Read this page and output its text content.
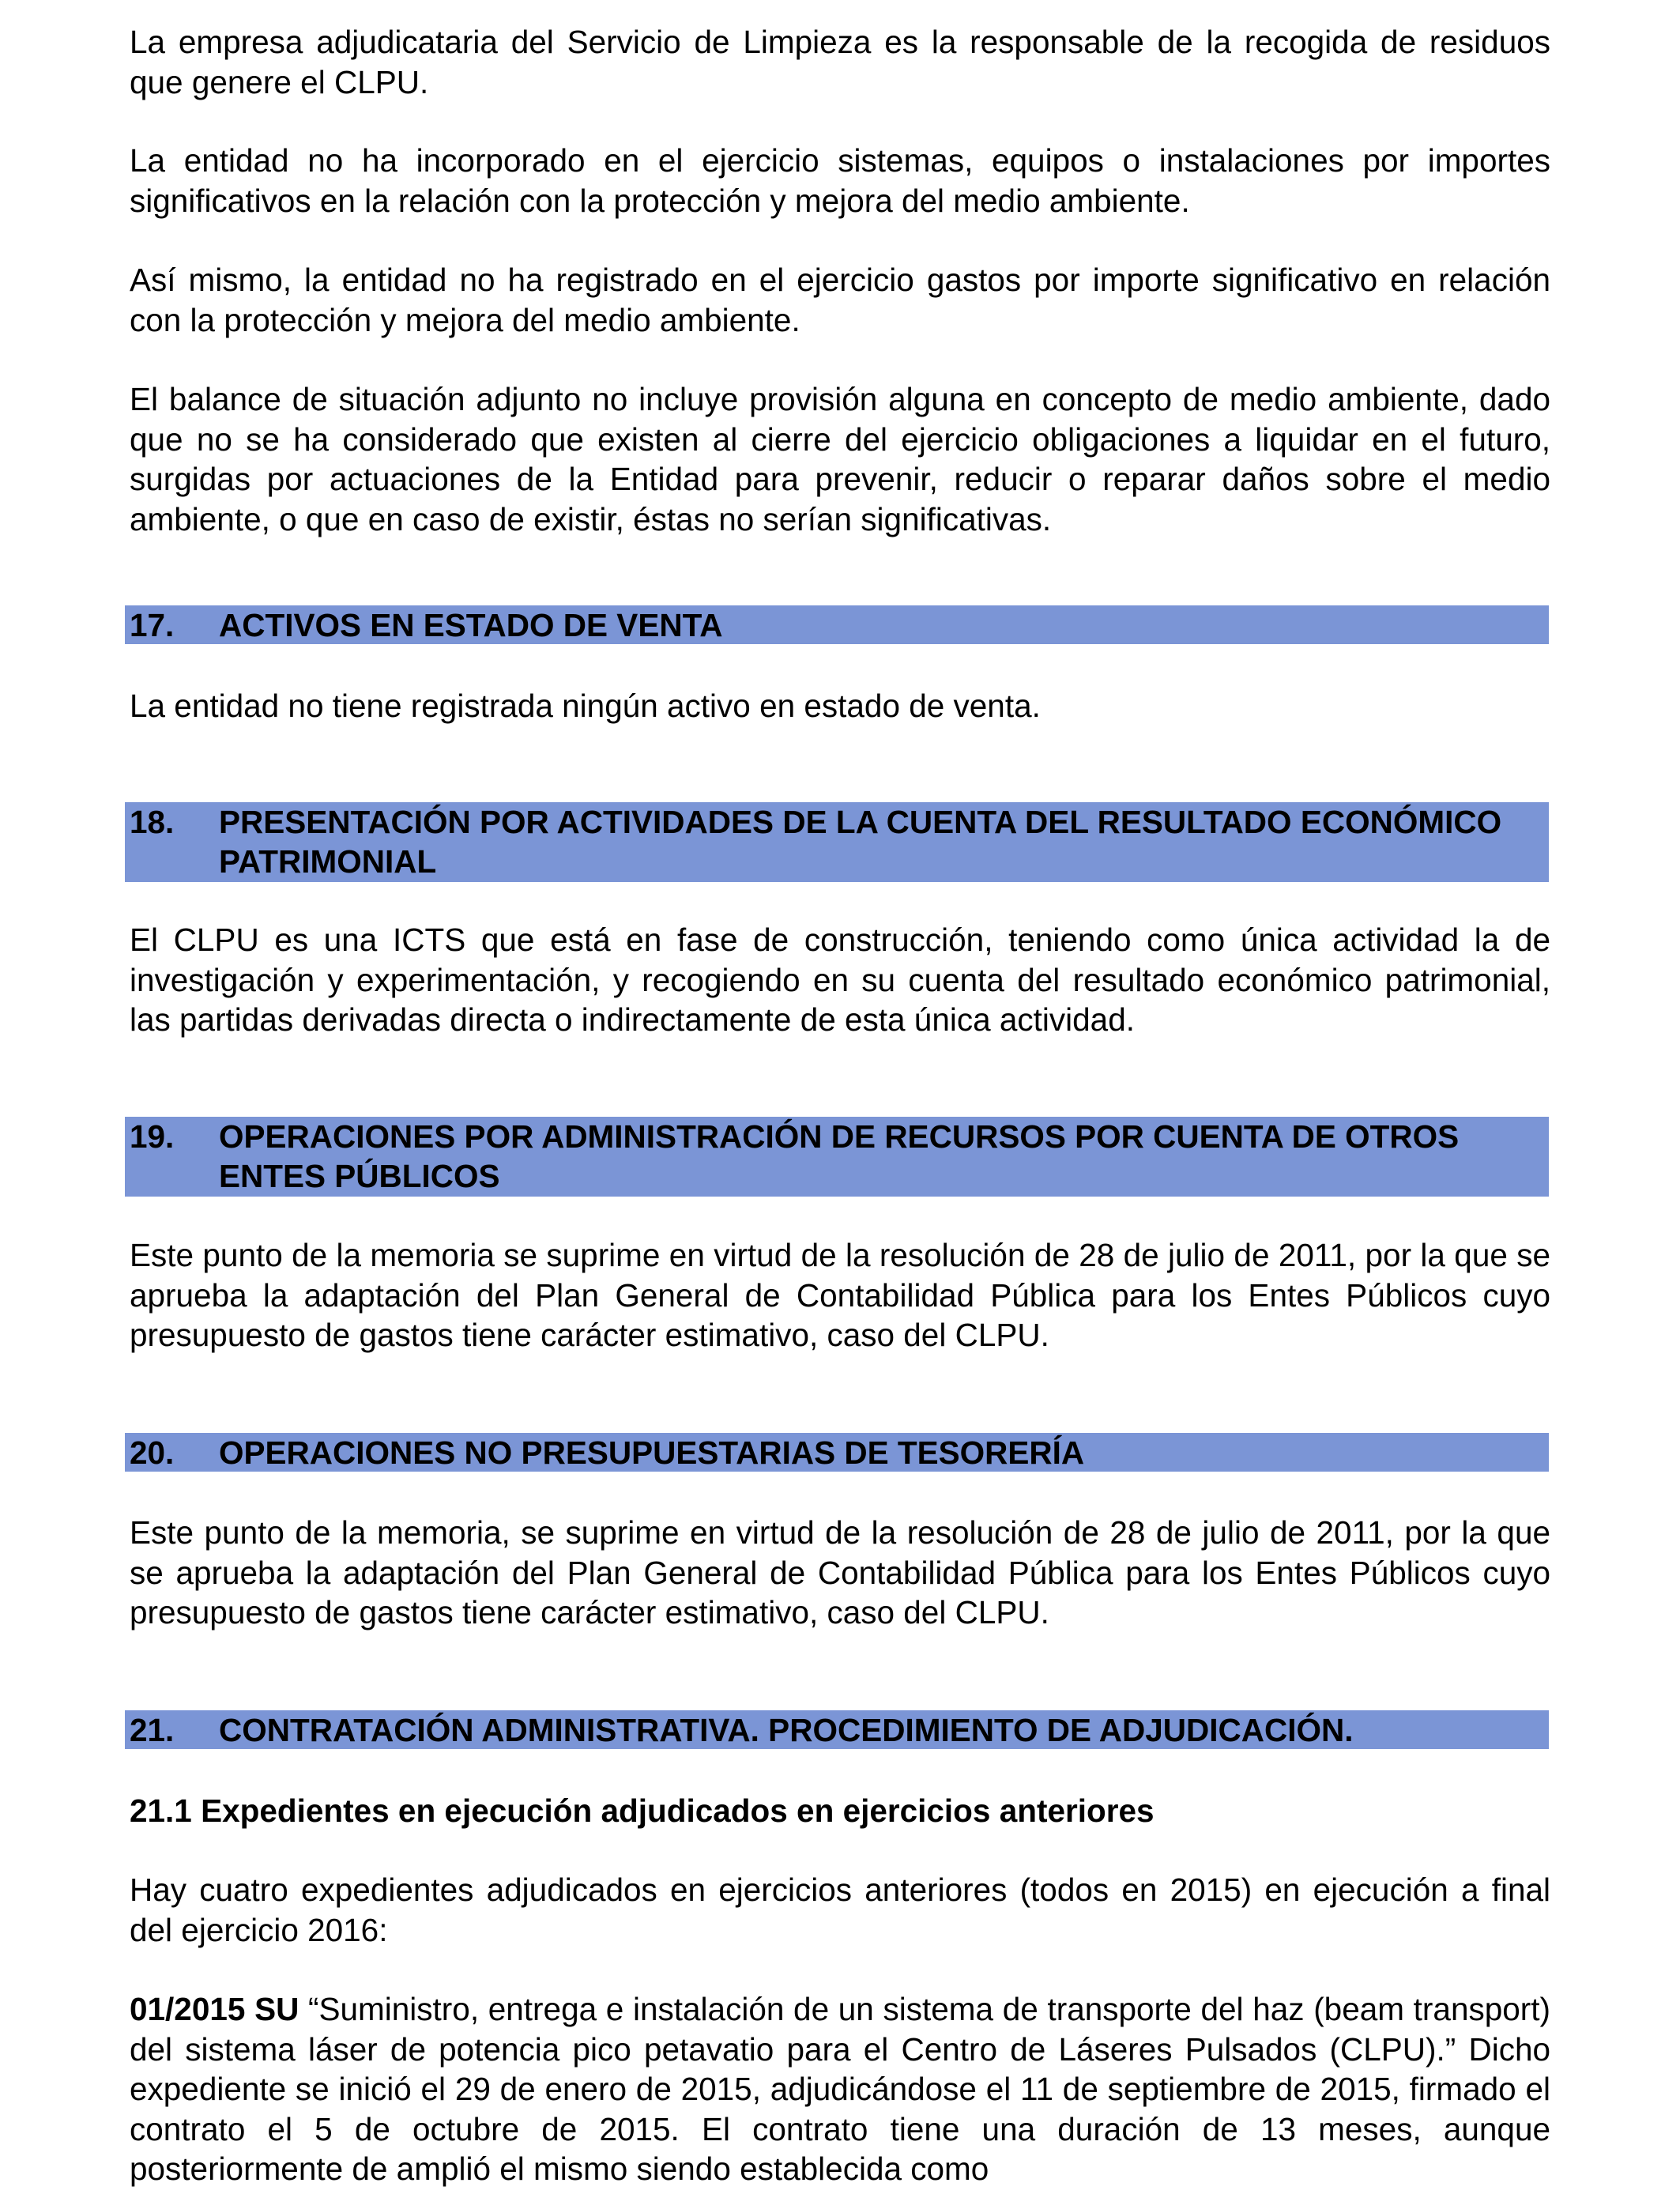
La empresa adjudicataria del Servicio de Limpieza es la responsable de la recogida de residuos que genere el CLPU.

La entidad no ha incorporado en el ejercicio sistemas, equipos o instalaciones por importes significativos en la relación con la protección y mejora del medio ambiente.

Así mismo, la entidad no ha registrado en el ejercicio gastos por importe significativo en relación con la protección y mejora del medio ambiente.

El balance de situación adjunto no incluye provisión alguna en concepto de medio ambiente, dado que no se ha considerado que existen al cierre del ejercicio obligaciones a liquidar en el futuro, surgidas por actuaciones de la Entidad para prevenir, reducir o reparar daños sobre el medio ambiente, o que en caso de existir, éstas no serían significativas.

17. ACTIVOS EN ESTADO DE VENTA

La entidad no tiene registrada ningún activo en estado de venta.

18. PRESENTACIÓN POR ACTIVIDADES DE LA CUENTA DEL RESULTADO ECONÓMICO PATRIMONIAL

El CLPU es una ICTS que está en fase de construcción, teniendo como única actividad la de investigación y experimentación, y recogiendo en su cuenta del resultado económico patrimonial, las partidas derivadas directa o indirectamente de esta única actividad.

19. OPERACIONES POR ADMINISTRACIÓN DE RECURSOS POR CUENTA DE OTROS ENTES PÚBLICOS

Este punto de la memoria se suprime en virtud de la resolución de 28 de julio de 2011, por la que se aprueba la adaptación del Plan General de Contabilidad Pública para los Entes Públicos cuyo presupuesto de gastos tiene carácter estimativo, caso del CLPU.

20. OPERACIONES NO PRESUPUESTARIAS DE TESORERÍA

Este punto de la memoria, se suprime en virtud de la resolución de 28 de julio de 2011, por la que se aprueba la adaptación del Plan General de Contabilidad Pública para los Entes Públicos cuyo presupuesto de gastos tiene carácter estimativo, caso del CLPU.

21. CONTRATACIÓN ADMINISTRATIVA. PROCEDIMIENTO DE ADJUDICACIÓN.
21.1 Expedientes en ejecución adjudicados en ejercicios anteriores

Hay cuatro expedientes adjudicados en ejercicios anteriores (todos en 2015) en ejecución a final del ejercicio 2016:

01/2015 SU “Suministro, entrega e instalación de un sistema de transporte del haz (beam transport) del sistema láser de potencia pico petavatio para el Centro de Láseres Pulsados (CLPU).” Dicho expediente se inició el 29 de enero de 2015, adjudicándose el 11 de septiembre de 2015, firmado el contrato el 5 de octubre de 2015. El contrato tiene una duración de 13 meses, aunque posteriormente de amplió el mismo siendo establecida como
